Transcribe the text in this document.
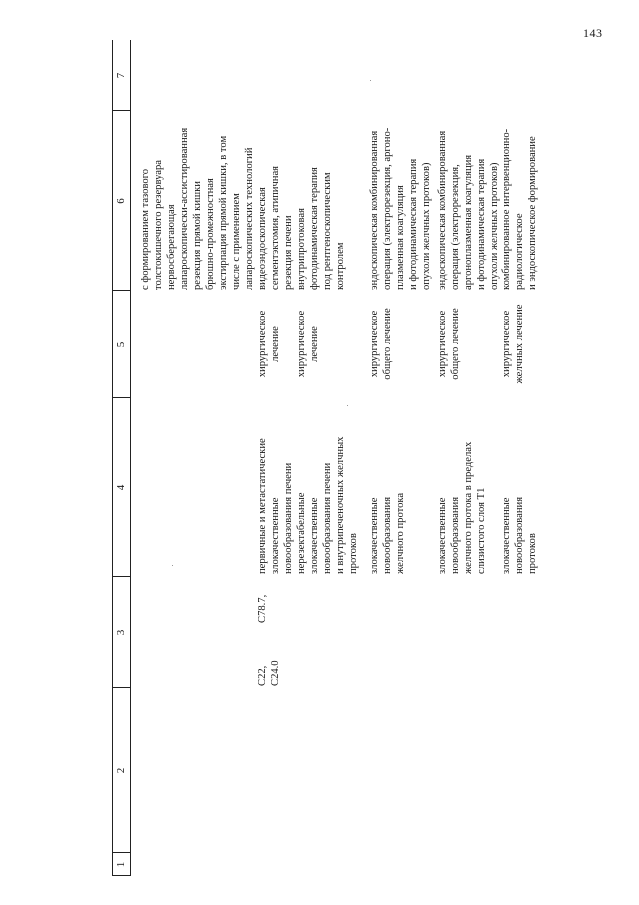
143
1
2
3
4
5
6
7
с формированием тазового толстокишечного резервуара нервосберегающая лапароскопически-ассистированная резекция прямой кишки брюшно-промежностная экстирпация прямой кишки, в том числе с применением лапароскопических технологий
C22, C24.0
C78.7,
первичные и метастатические злокачественные новообразования печени
хирургическое лечение
видеоэндоскопическая сегментэктомия, атипичная резекция печени
нерезектабельные злокачественные новообразования печени и внутрипеченочных желчных протоков
хирургическое лечение
внутрипротоковая фотодинамическая терапия под рентгеноскопическим контролем
злокачественные новообразования желчного протока
хирургическое общего лечение
эндоскопическая комбинированная операция (электрорезекция, аргоно- плазменная коагуляция и фотодинамическая терапия опухоли желчных протоков)
злокачественные новообразования желчного протока в пределах слизистого слоя T1
хирургическое общего лечение
эндоскопическая комбинированная операция (электрорезекция, аргоноплазменная коагуляция и фотодинамическая терапия опухоли желчных протоков)
злокачественные новообразования протоков
хирургическое желчных лечение
комбинированное интервенционно- радиологическое и эндоскопическое формирование
